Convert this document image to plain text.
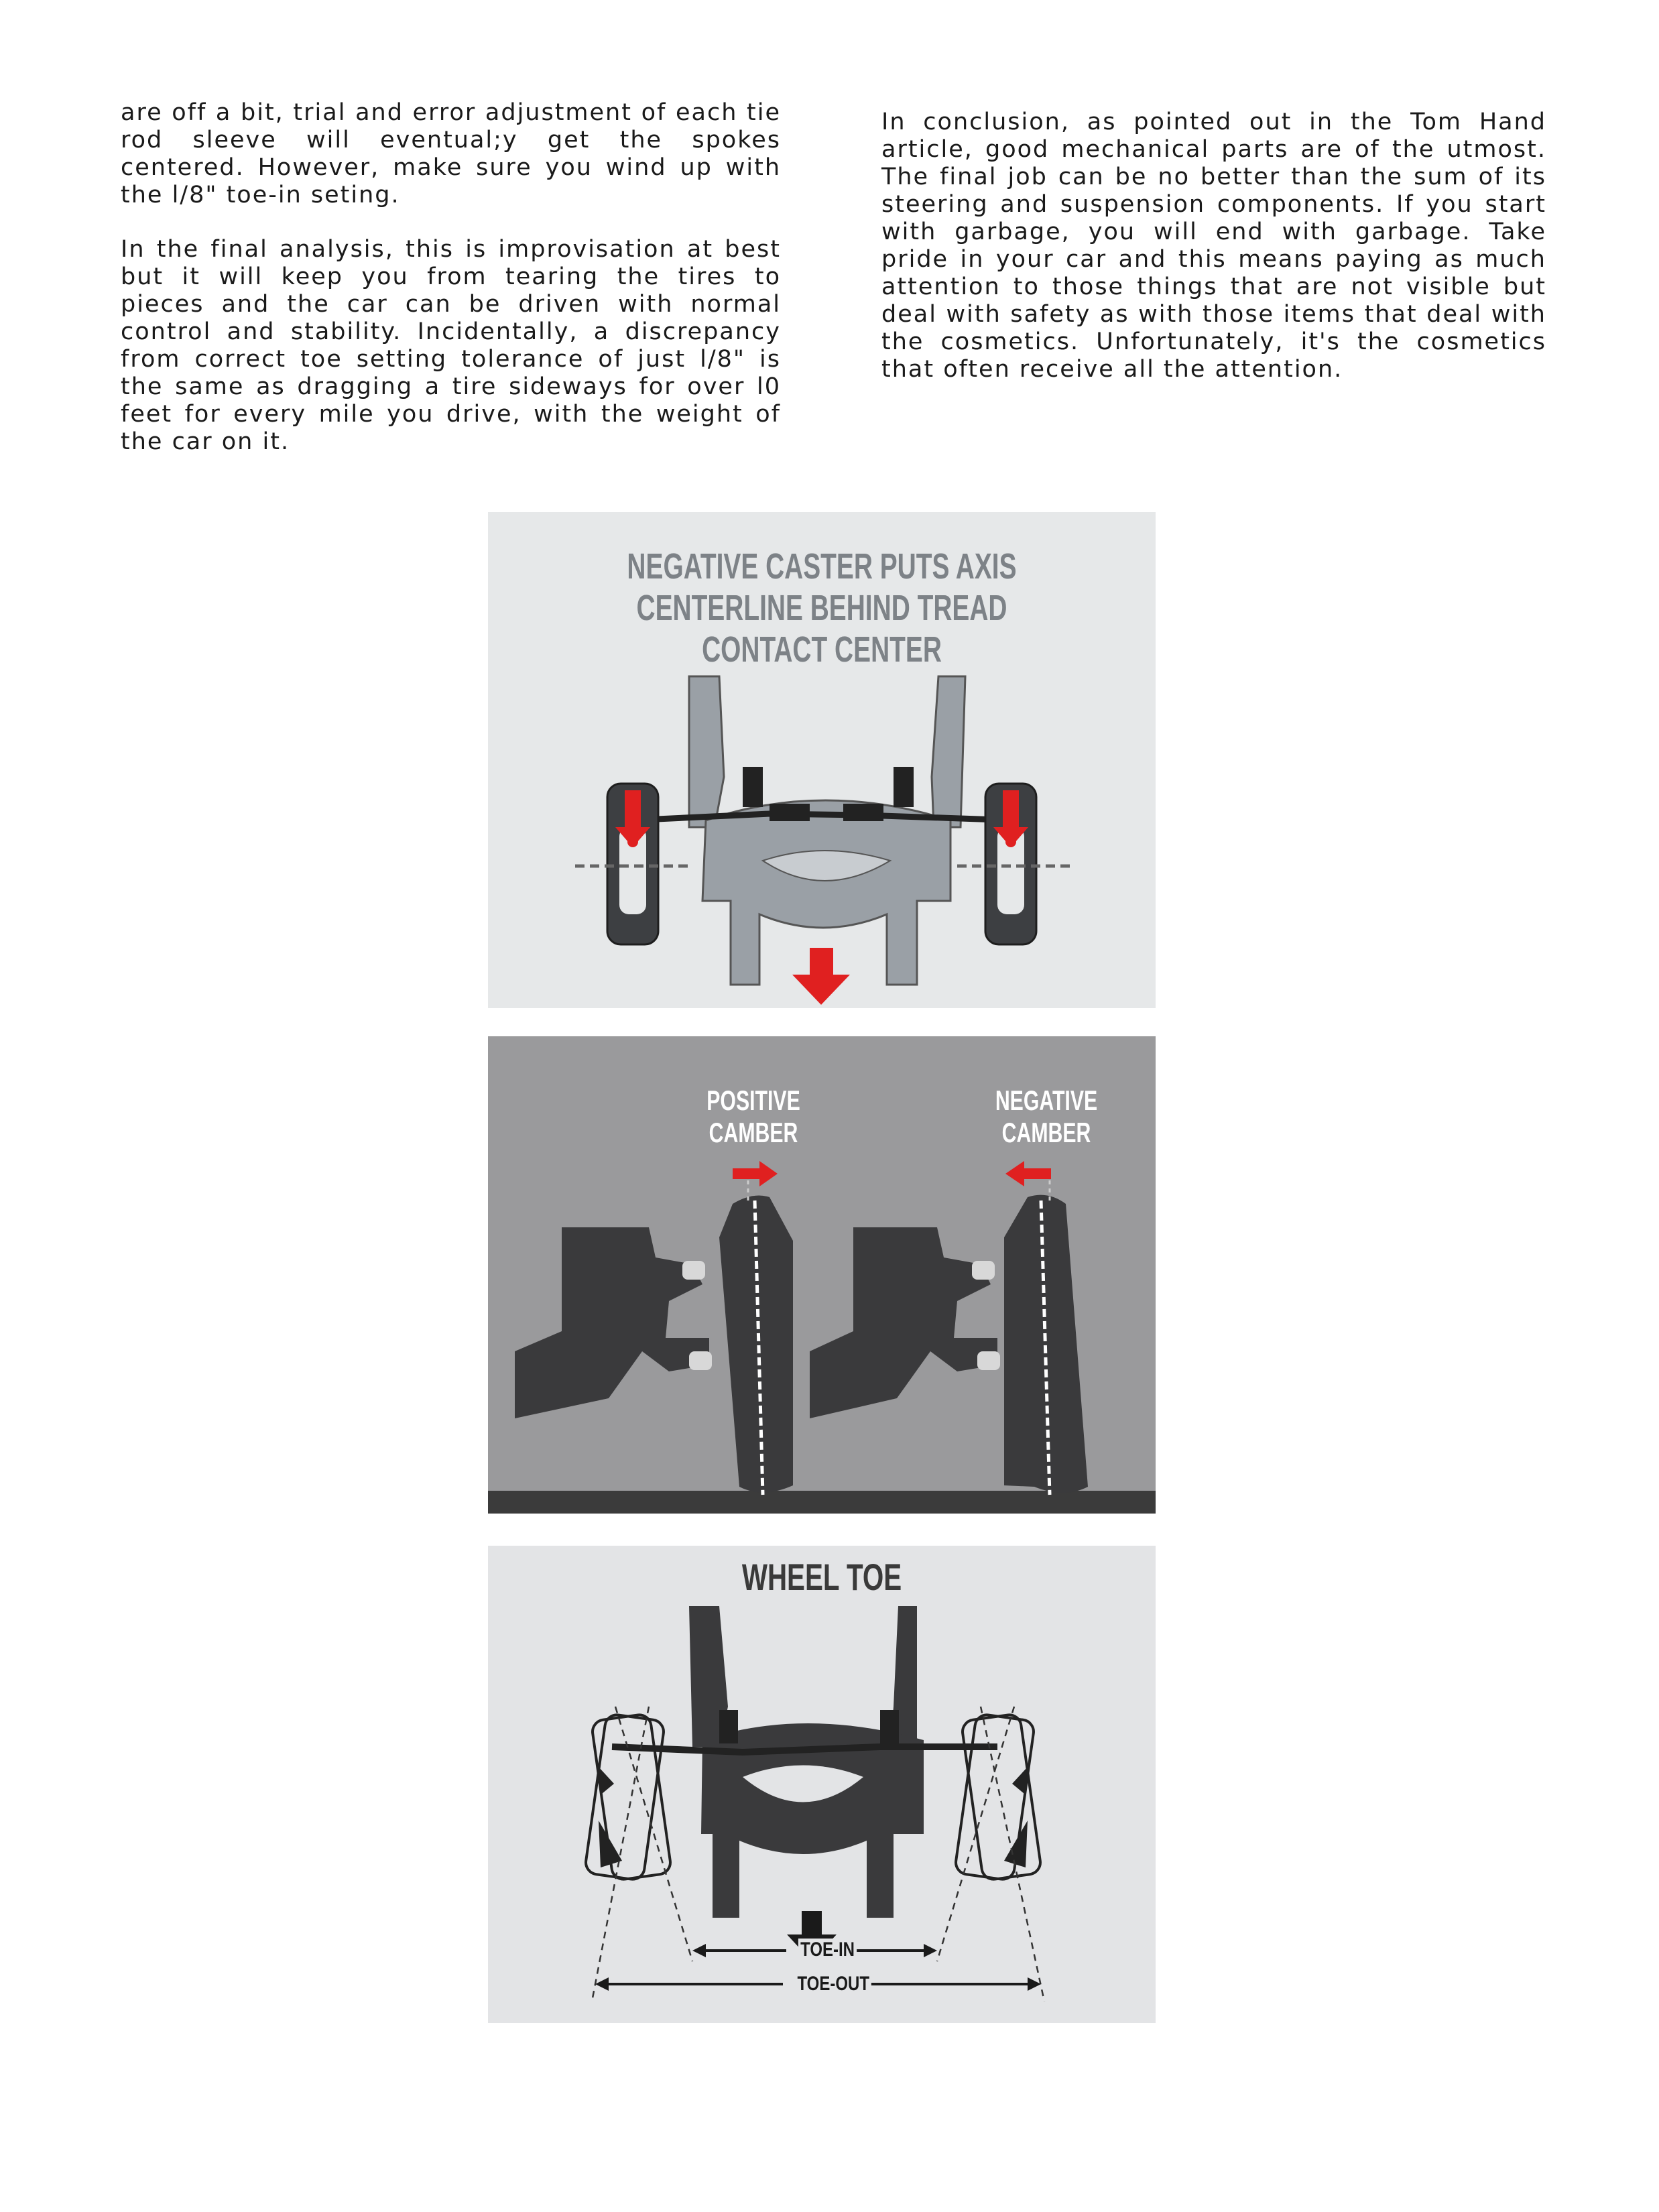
are off a bit, trial and error adjustment of each tie rod sleeve will eventual;y get the spokes centered. However, make sure you wind up with the l/8" toe-in seting.

In the final analysis, this is improvisation at best but it will keep you from tearing the tires to pieces and the car can be driven with normal control and stability. Incidentally, a discrepancy from correct toe setting tolerance of just l/8" is the same as dragging a tire sideways for over l0 feet for every mile you drive, with the weight of the car on it.

In conclusion, as pointed out in the Tom Hand article, good mechanical parts are of the utmost. The final job can be no better than the sum of its steering and suspension components. If you start with garbage, you will end with garbage. Take pride in your car and this means paying as much attention to those things that are not visible but deal with safety as with those items that deal with the cosmetics. Unfortunately, it's the cosmetics that often receive all the attention.

NEGATIVE CASTER PUTS AXIS
CENTERLINE BEHIND TREAD
CONTACT CENTER
POSITIVE
CAMBER
NEGATIVE
CAMBER
WHEEL TOE
TOE-IN
TOE-OUT
